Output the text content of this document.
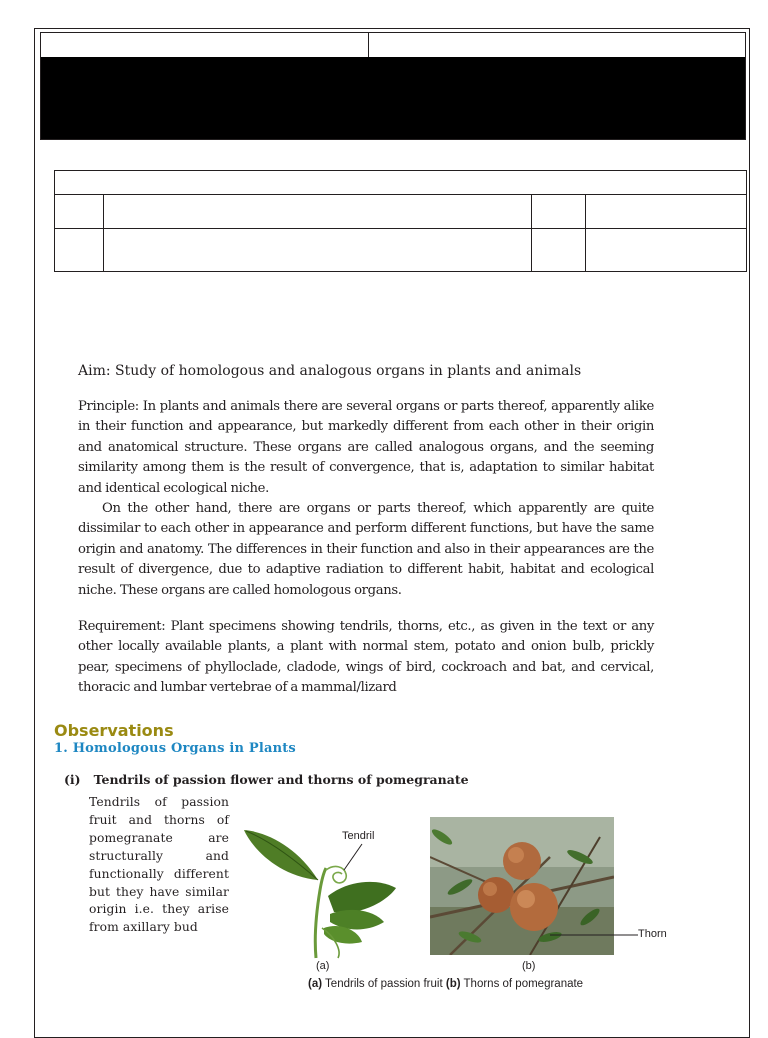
Aim: Study of homologous and analogous organs in plants and animals

Principle: In plants and animals there are several organs or parts thereof, apparently alike in their function and appearance, but markedly different from each other in their origin and anatomical structure. These organs are called analogous organs, and the seeming similarity among them is the result of convergence, that is, adaptation to similar habitat and identical ecological niche.

On the other hand, there are organs or parts thereof, which apparently are quite dissimilar to each other in appearance and perform different functions, but have the same origin and anatomy. The differences in their function and also in their appearances are the result of divergence, due to adaptive radiation to different habit, habitat and ecological niche. These organs are called homologous organs.

Requirement: Plant specimens showing tendrils, thorns, etc., as given in the text or any other locally available plants, a plant with normal stem, potato and onion bulb, prickly pear, specimens of phylloclade, cladode, wings of bird, cockroach and bat, and cervical, thoracic and lumbar vertebrae of a mammal/lizard
Observations
1. Homologous Organs in Plants
(i) Tendrils of passion flower and thorns of pomegranate
Tendrils of passion fruit and thorns of pomegranate are structurally and functionally different but they have similar origin i.e. they arise from axillary bud
Tendril
(a)
Thorn
(b)
(a) Tendrils of passion fruit (b) Thorns of pomegranate
